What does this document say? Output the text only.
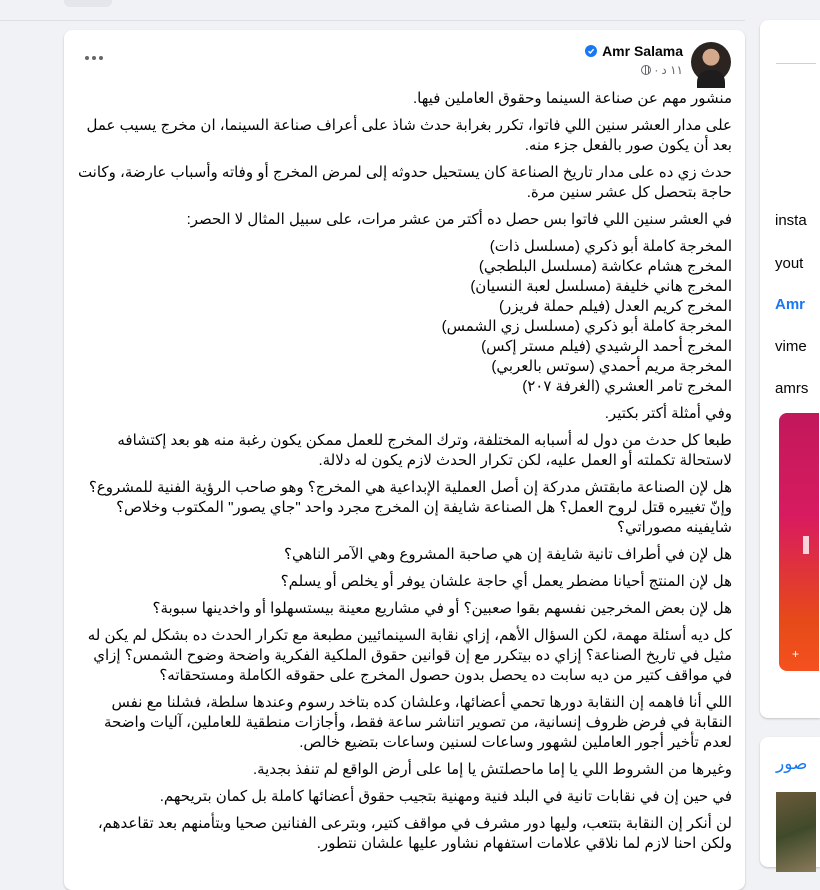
Amr Salama
١١ د
·

منشور مهم عن صناعة السينما وحقوق العاملين فيها.

على مدار العشر سنين اللي فاتوا، تكرر بغرابة حدث شاذ على أعراف صناعة السينما، ان مخرج يسيب عمل بعد أن يكون صور بالفعل جزء منه.

حدث زي ده على مدار تاريخ الصناعة كان يستحيل حدوثه إلى لمرض المخرج أو وفاته وأسباب عارضة، وكانت حاجة بتحصل كل عشر سنين مرة.

في العشر سنين اللي فاتوا بس حصل ده أكتر من عشر مرات، على سبيل المثال لا الحصر:

المخرجة كاملة أبو ذكري (مسلسل ذات)
المخرج هشام عكاشة (مسلسل البلطجي)
المخرج هاني خليفة (مسلسل لعبة النسيان)
المخرج كريم العدل (فيلم حملة فريزر)
المخرجة كاملة أبو ذكري (مسلسل زي الشمس)
المخرج أحمد الرشيدي (فيلم مستر إكس)
المخرجة مريم أحمدي (سوتس بالعربي)
المخرج تامر العشري (الغرفة ٢٠٧)

وفي أمثلة أكتر بكتير.

طبعا كل حدث من دول له أسبابه المختلفة، وترك المخرج للعمل ممكن يكون رغبة منه هو بعد إكتشافه لاستحالة تكملته أو العمل عليه، لكن تكرار الحدث لازم يكون له دلالة.

هل لإن الصناعة مابقتش مدركة إن أصل العملية الإبداعية هي المخرج؟ وهو صاحب الرؤية الفنية للمشروع؟ وإنّ تغييره قتل لروح العمل؟ هل الصناعة شايفة إن المخرج مجرد واحد "جاي يصور" المكتوب وخلاص؟ شايفينه مصوراتي؟

هل لإن في أطراف تانية شايفة إن هي صاحبة المشروع وهي الآمر الناهي؟

هل لإن المنتج أحيانا مضطر يعمل أي حاجة علشان يوفر أو يخلص أو يسلم؟

هل لإن بعض المخرجين نفسهم بقوا صعبين؟ أو في مشاريع معينة بيستسهلوا أو واخدينها سبوبة؟

كل ديه أسئلة مهمة، لكن السؤال الأهم، إزاي نقابة السينمائيين مطبعة مع تكرار الحدث ده بشكل لم يكن له مثيل في تاريخ الصناعة؟ إزاي ده بيتكرر مع إن قوانين حقوق الملكية الفكرية واضحة وضوح الشمس؟ إزاي في مواقف كتير من ديه سابت ده يحصل بدون حصول المخرج على حقوقه الكاملة ومستحقاته؟

اللي أنا فاهمه إن النقابة دورها تحمي أعضائها، وعلشان كده بتاخد رسوم وعندها سلطة، فشلنا مع نفس النقابة في فرض ظروف إنسانية، من تصوير اتناشر ساعة فقط، وأجازات منطقية للعاملين، آليات واضحة لعدم تأخير أجور العاملين لشهور وساعات لسنين وساعات بتضيع خالص.

وغيرها من الشروط اللي يا إما ماحصلتش يا إما على أرض الواقع لم تنفذ بجدية.

في حين إن في نقابات تانية في البلد فنية ومهنية بتجيب حقوق أعضائها كاملة بل كمان بتريحهم.

لن أنكر إن النقابة بتتعب، وليها دور مشرف في مواقف كتير، وبترعى الفنانين صحيا وبتأمنهم بعد تقاعدهم، ولكن احنا لازم لما نلاقي علامات استفهام نشاور عليها علشان نتطور.

insta
yout
Amr
vime
amrs
+
صور
